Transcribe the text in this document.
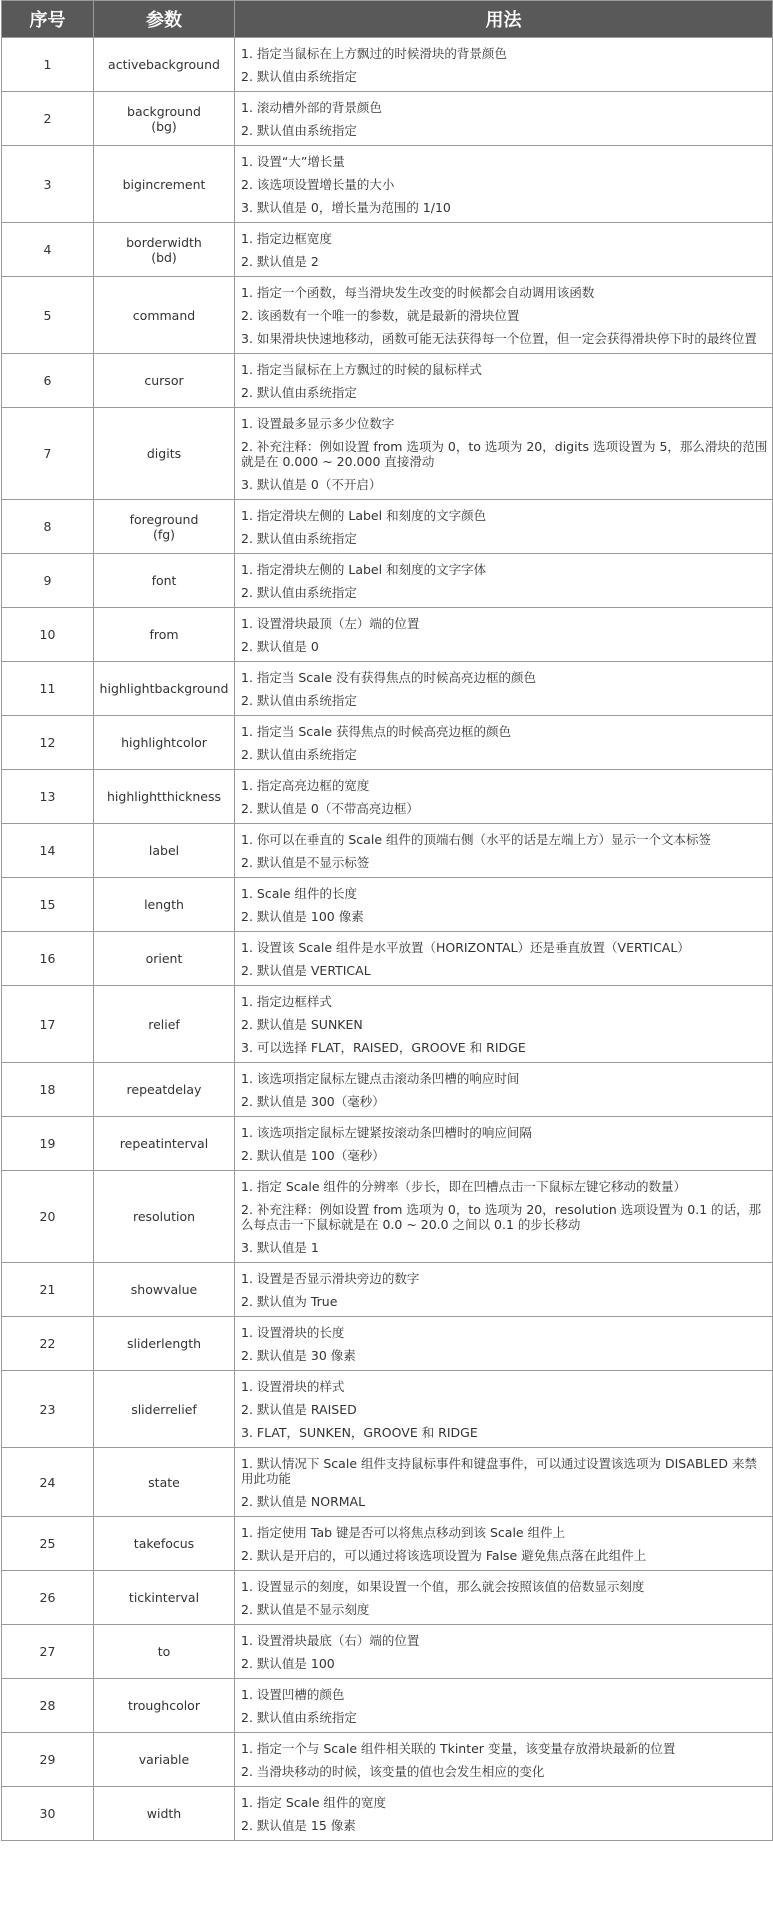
序号	参数	用法
1	activebackground	1. 指定当鼠标在上方飘过的时候滑块的背景颜色
2. 默认值由系统指定

2	background
(bg)	1. 滚动槽外部的背景颜色
2. 默认值由系统指定

3	bigincrement	1. 设置“大”增长量
2. 该选项设置增长量的大小
3. 默认值是 0，增长量为范围的 1/10

4	borderwidth
(bd)	1. 指定边框宽度
2. 默认值是 2

5	command	1. 指定一个函数，每当滑块发生改变的时候都会自动调用该函数
2. 该函数有一个唯一的参数，就是最新的滑块位置
3. 如果滑块快速地移动，函数可能无法获得每一个位置，但一定会获得滑块停下时的最终位置

6	cursor	1. 指定当鼠标在上方飘过的时候的鼠标样式
2. 默认值由系统指定

7	digits	1. 设置最多显示多少位数字
2. 补充注释：例如设置 from 选项为 0，to 选项为 20，digits 选项设置为 5，那么滑块的范围就是在 0.000 ~ 20.000 直接滑动
3. 默认值是 0（不开启）

8	foreground
(fg)	1. 指定滑块左侧的 Label 和刻度的文字颜色
2. 默认值由系统指定

9	font	1. 指定滑块左侧的 Label 和刻度的文字字体
2. 默认值由系统指定

10	from	1. 设置滑块最顶（左）端的位置
2. 默认值是 0

11	highlightbackground	1. 指定当 Scale 没有获得焦点的时候高亮边框的颜色
2. 默认值由系统指定

12	highlightcolor	1. 指定当 Scale 获得焦点的时候高亮边框的颜色
2. 默认值由系统指定

13	highlightthickness	1. 指定高亮边框的宽度
2. 默认值是 0（不带高亮边框）

14	label	1. 你可以在垂直的 Scale 组件的顶端右侧（水平的话是左端上方）显示一个文本标签
2. 默认值是不显示标签

15	length	1. Scale 组件的长度
2. 默认值是 100 像素

16	orient	1. 设置该 Scale 组件是水平放置（HORIZONTAL）还是垂直放置（VERTICAL）
2. 默认值是 VERTICAL

17	relief	1. 指定边框样式
2. 默认值是 SUNKEN
3. 可以选择 FLAT，RAISED，GROOVE 和 RIDGE

18	repeatdelay	1. 该选项指定鼠标左键点击滚动条凹槽的响应时间
2. 默认值是 300（毫秒）

19	repeatinterval	1. 该选项指定鼠标左键紧按滚动条凹槽时的响应间隔
2. 默认值是 100（毫秒）

20	resolution	1. 指定 Scale 组件的分辨率（步长，即在凹槽点击一下鼠标左键它移动的数量）
2. 补充注释：例如设置 from 选项为 0，to 选项为 20，resolution 选项设置为 0.1 的话，那么每点击一下鼠标就是在 0.0 ~ 20.0 之间以 0.1 的步长移动
3. 默认值是 1

21	showvalue	1. 设置是否显示滑块旁边的数字
2. 默认值为 True

22	sliderlength	1. 设置滑块的长度
2. 默认值是 30 像素

23	sliderrelief	1. 设置滑块的样式
2. 默认值是 RAISED
3. FLAT，SUNKEN，GROOVE 和 RIDGE

24	state	1. 默认情况下 Scale 组件支持鼠标事件和键盘事件，可以通过设置该选项为 DISABLED 来禁用此功能
2. 默认值是 NORMAL

25	takefocus	1. 指定使用 Tab 键是否可以将焦点移动到该 Scale 组件上
2. 默认是开启的，可以通过将该选项设置为 False 避免焦点落在此组件上

26	tickinterval	1. 设置显示的刻度，如果设置一个值，那么就会按照该值的倍数显示刻度
2. 默认值是不显示刻度

27	to	1. 设置滑块最底（右）端的位置
2. 默认值是 100

28	troughcolor	1. 设置凹槽的颜色
2. 默认值由系统指定

29	variable	1. 指定一个与 Scale 组件相关联的 Tkinter 变量，该变量存放滑块最新的位置
2. 当滑块移动的时候，该变量的值也会发生相应的变化

30	width	1. 指定 Scale 组件的宽度
2. 默认值是 15 像素
